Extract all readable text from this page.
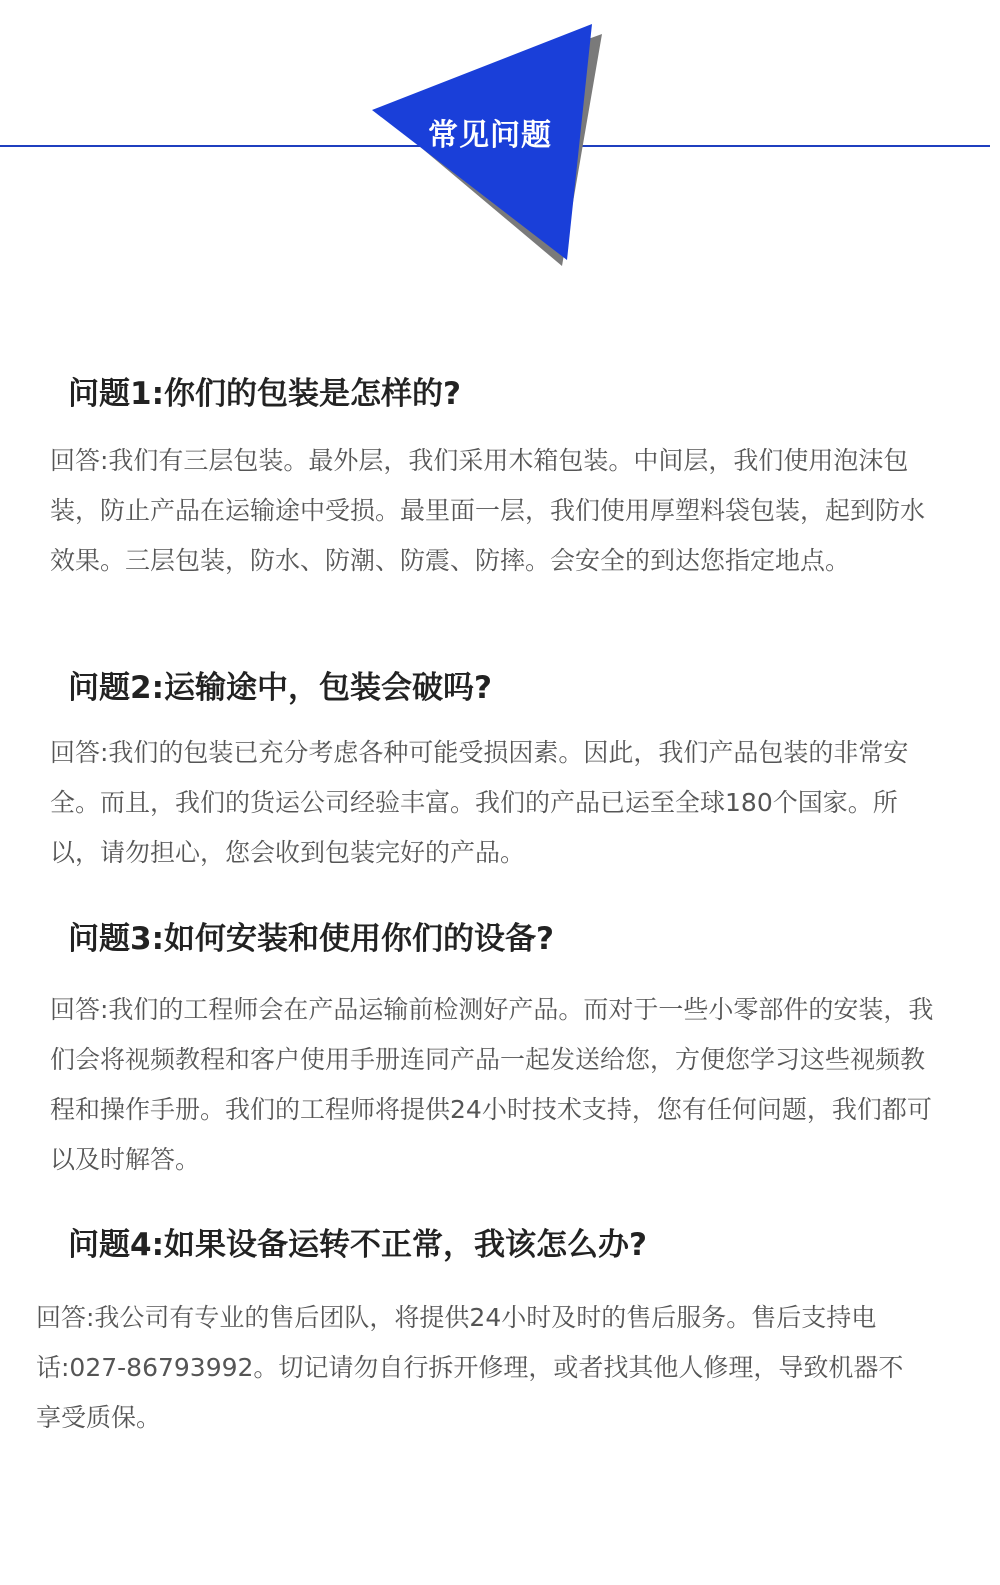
常见问题
问题1:你们的包装是怎样的?

回答:我们有三层包装。最外层，我们采用木箱包装。中间层，我们使用泡沫包装，防止产品在运输途中受损。最里面一层，我们使用厚塑料袋包装，起到防水效果。三层包装，防水、防潮、防震、防摔。会安全的到达您指定地点。

问题2:运输途中，包装会破吗?

回答:我们的包装已充分考虑各种可能受损因素。因此，我们产品包装的非常安全。而且，我们的货运公司经验丰富。我们的产品已运至全球180个国家。所以，请勿担心，您会收到包装完好的产品。

问题3:如何安装和使用你们的设备?

回答:我们的工程师会在产品运输前检测好产品。而对于一些小零部件的安装，我们会将视频教程和客户使用手册连同产品一起发送给您，方便您学习这些视频教程和操作手册。我们的工程师将提供24小时技术支持，您有任何问题，我们都可以及时解答。

问题4:如果设备运转不正常，我该怎么办?

回答:我公司有专业的售后团队，将提供24小时及时的售后服务。售后支持电话:027-86793992。切记请勿自行拆开修理，或者找其他人修理，导致机器不享受质保。
